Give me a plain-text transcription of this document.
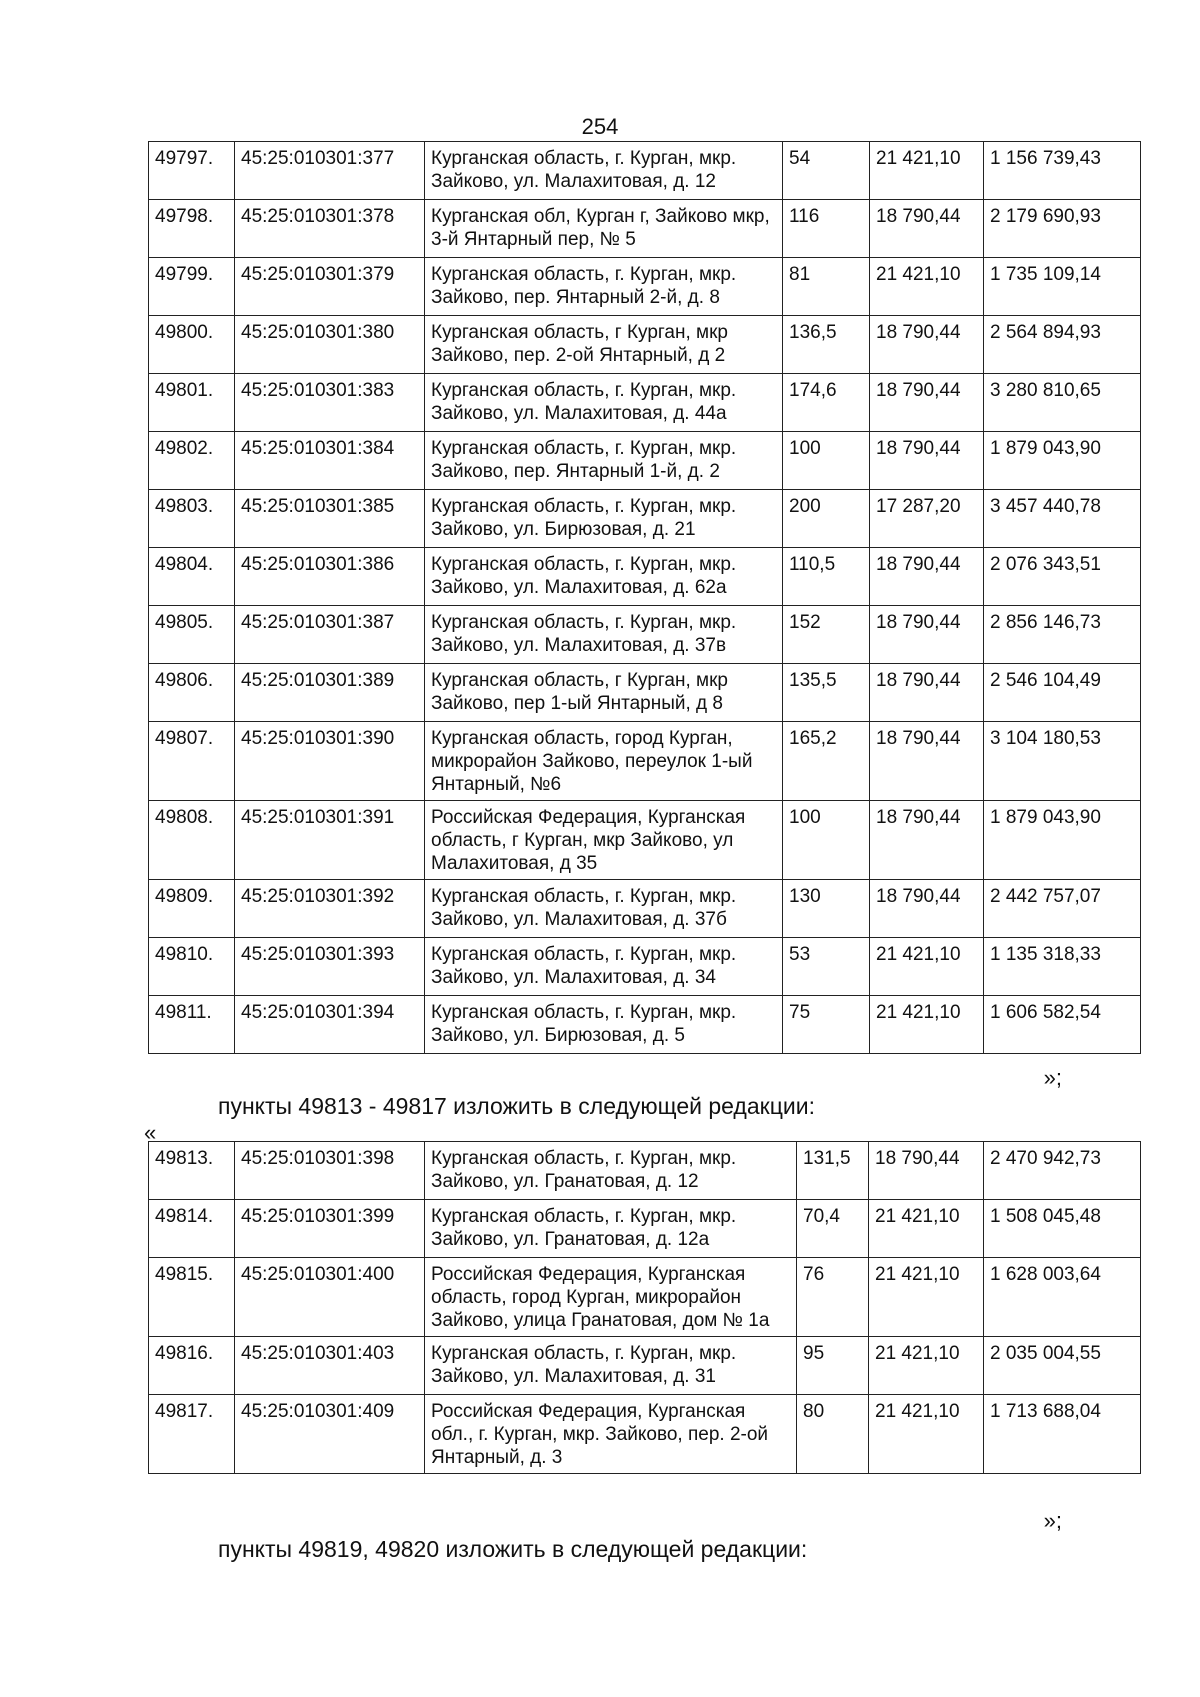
254
49797.	45:25:010301:377	Курганская область, г. Курган, мкр. Зайково, ул. Малахитовая, д. 12	54	21 421,10	1 156 739,43
49798.	45:25:010301:378	Курганская обл, Курган г, Зайково мкр, 3-й Янтарный пер, № 5	116	18 790,44	2 179 690,93
49799.	45:25:010301:379	Курганская область, г. Курган, мкр. Зайково, пер. Янтарный 2-й, д. 8	81	21 421,10	1 735 109,14
49800.	45:25:010301:380	Курганская область, г Курган, мкр Зайково, пер. 2-ой Янтарный, д 2	136,5	18 790,44	2 564 894,93
49801.	45:25:010301:383	Курганская область, г. Курган, мкр. Зайково, ул. Малахитовая, д. 44а	174,6	18 790,44	3 280 810,65
49802.	45:25:010301:384	Курганская область, г. Курган, мкр. Зайково, пер. Янтарный 1-й, д. 2	100	18 790,44	1 879 043,90
49803.	45:25:010301:385	Курганская область, г. Курган, мкр. Зайково, ул. Бирюзовая, д. 21	200	17 287,20	3 457 440,78
49804.	45:25:010301:386	Курганская область, г. Курган, мкр. Зайково, ул. Малахитовая, д. 62а	110,5	18 790,44	2 076 343,51
49805.	45:25:010301:387	Курганская область, г. Курган, мкр. Зайково, ул. Малахитовая, д. 37в	152	18 790,44	2 856 146,73
49806.	45:25:010301:389	Курганская область, г Курган, мкр Зайково, пер 1-ый Янтарный, д 8	135,5	18 790,44	2 546 104,49
49807.	45:25:010301:390	Курганская область, город Курган, микрорайон Зайково, переулок 1-ый Янтарный, №6	165,2	18 790,44	3 104 180,53
49808.	45:25:010301:391	Российская Федерация, Курганская область, г Курган, мкр Зайково, ул Малахитовая, д 35	100	18 790,44	1 879 043,90
49809.	45:25:010301:392	Курганская область, г. Курган, мкр. Зайково, ул. Малахитовая, д. 37б	130	18 790,44	2 442 757,07
49810.	45:25:010301:393	Курганская область, г. Курган, мкр. Зайково, ул. Малахитовая, д. 34	53	21 421,10	1 135 318,33
49811.	45:25:010301:394	Курганская область, г. Курган, мкр. Зайково, ул. Бирюзовая, д. 5	75	21 421,10	1 606 582,54
»;
пункты 49813 - 49817 изложить в следующей редакции:
«
49813.	45:25:010301:398	Курганская область, г. Курган, мкр. Зайково, ул. Гранатовая, д. 12	131,5	18 790,44	2 470 942,73
49814.	45:25:010301:399	Курганская область, г. Курган, мкр. Зайково, ул. Гранатовая, д. 12а	70,4	21 421,10	1 508 045,48
49815.	45:25:010301:400	Российская Федерация, Курганская область, город Курган, микрорайон Зайково, улица Гранатовая, дом № 1а	76	21 421,10	1 628 003,64
49816.	45:25:010301:403	Курганская область, г. Курган, мкр. Зайково, ул. Малахитовая, д. 31	95	21 421,10	2 035 004,55
49817.	45:25:010301:409	Российская Федерация, Курганская обл., г. Курган, мкр. Зайково, пер. 2-ой Янтарный, д. 3	80	21 421,10	1 713 688,04
»;
пункты 49819, 49820 изложить в следующей редакции:
